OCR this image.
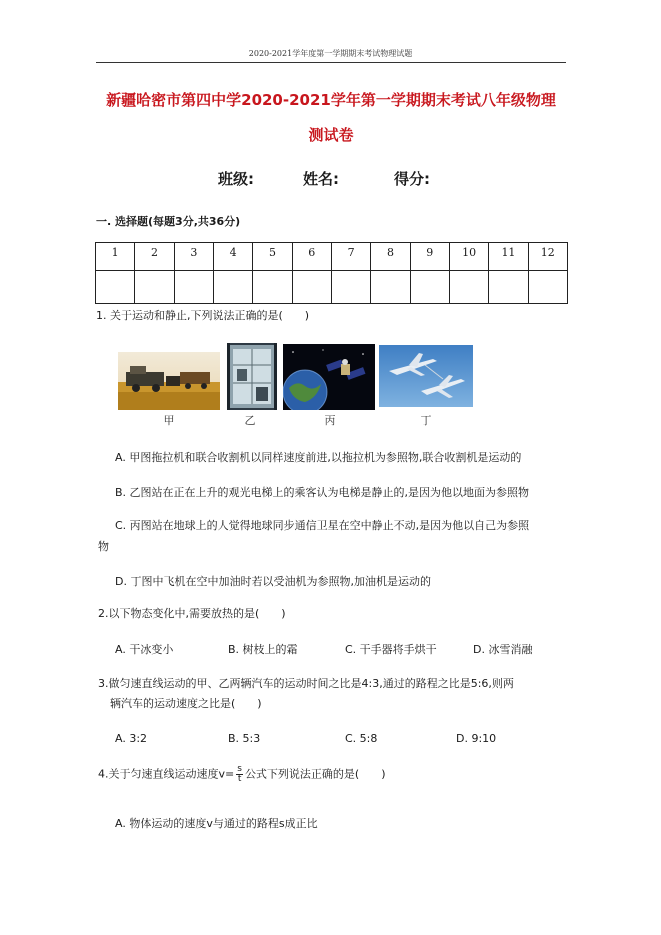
2020-2021学年度第一学期期末考试物理试题
新疆哈密市第四中学2020-2021学年第一学期期末考试八年级物理
测试卷
班级:	姓名:	得分:
一. 选择题(每题3分,共36分)
1	2	3	4	5	6	7	8	9	10	11	12

1. 关于运动和静止,下列说法正确的是(　　)
甲	乙	丙	丁
A. 甲图拖拉机和联合收割机以同样速度前进,以拖拉机为参照物,联合收割机是运动的
B. 乙图站在正在上升的观光电梯上的乘客认为电梯是静止的,是因为他以地面为参照物
C. 丙图站在地球上的人觉得地球同步通信卫星在空中静止不动,是因为他以自己为参照
物
D. 丁图中飞机在空中加油时若以受油机为参照物,加油机是运动的
2.以下物态变化中,需要放热的是(　　)
A. 干冰变小	B. 树枝上的霜	C. 干手器将手烘干	D. 冰雪消融
3.做匀速直线运动的甲、乙两辆汽车的运动时间之比是4:3,通过的路程之比是5:6,则两
辆汽车的运动速度之比是(　　)
A. 3:2	B. 5:3	C. 5:8	D. 9:10
4.关于匀速直线运动速度$v= \frac{s}{t}$ 公式下列说法正确的是(　　)
A. 物体运动的速度v与通过的路程s成正比
